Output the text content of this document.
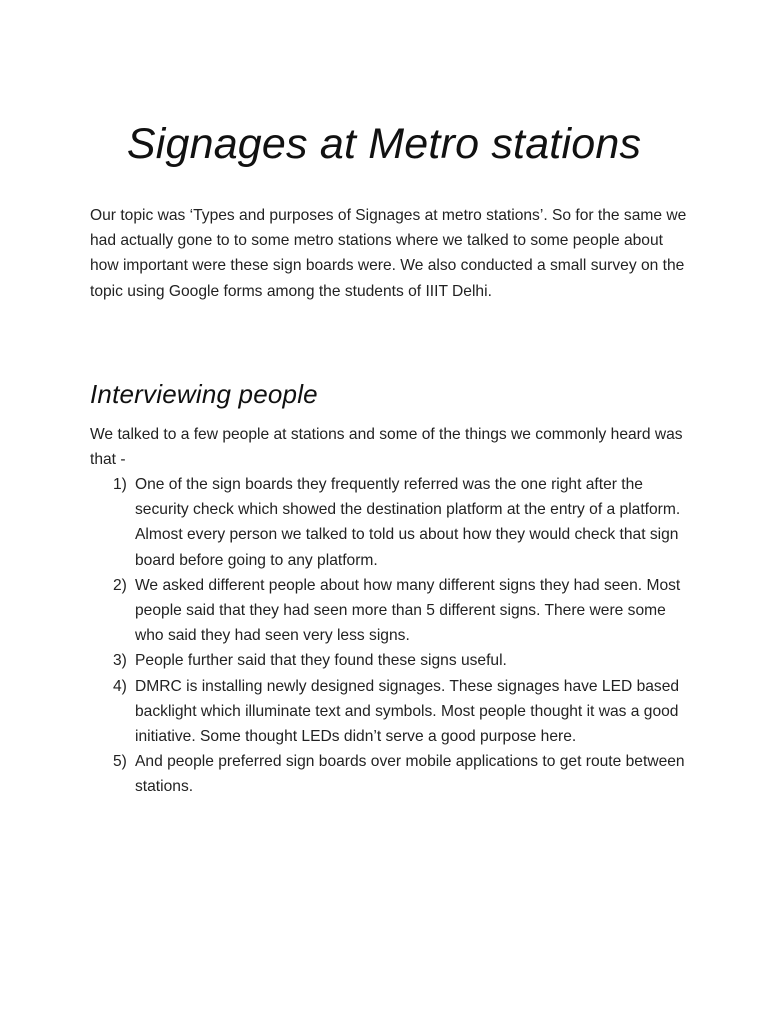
Signages at Metro stations

Our topic was ‘Types and purposes of Signages at metro stations’. So for the same we had actually gone to to some metro stations where we talked to some people about how important were these sign boards were. We also conducted a small survey on the topic using Google forms among the students of IIIT Delhi.

Interviewing people

We talked to a few people at stations and some of the things we commonly heard was that -

1) One of the sign boards they frequently referred was the one right after the security check which showed the destination platform at the entry of a platform. Almost every person we talked to told us about how they would check that sign board before going to any platform.
2) We asked different people about how many different signs they had seen. Most people said that they had seen more than 5 different signs. There were some who said they had seen very less signs.
3) People further said that they found these signs useful.
4) DMRC is installing newly designed signages. These signages have LED based backlight which illuminate text and symbols. Most people thought it was a good initiative. Some thought LEDs didn’t serve a good purpose here.
5) And people preferred sign boards over mobile applications to get route between stations.
